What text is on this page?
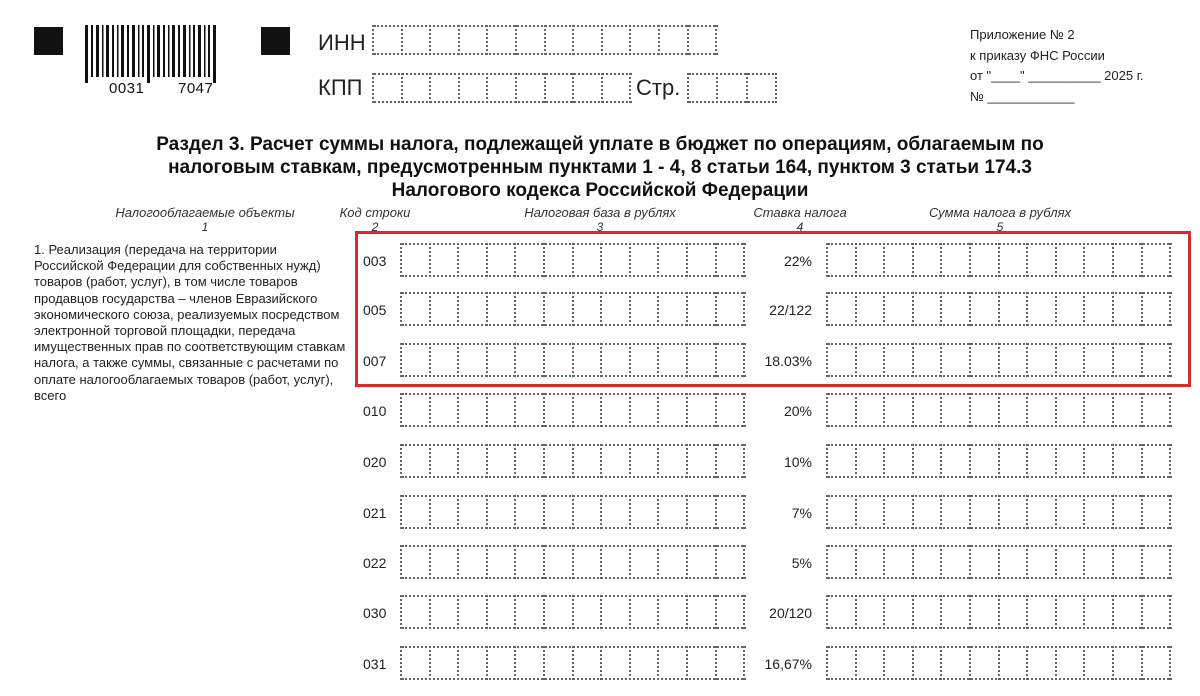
0031 7047
ИНН
КПП	Стр.
Приложение № 2
к приказу ФНС России
от "____" __________ 2025 г.
№ ____________
Раздел 3. Расчет суммы налога, подлежащей уплате в бюджет по операциям, облагаемым по
налоговым ставкам, предусмотренным пунктами 1 - 4, 8 статьи 164, пунктом 3 статьи 174.3
Налогового кодекса Российской Федерации
Налогооблагаемые объекты
1
Код строки
2
Налоговая база в рублях
3
Ставка налога
4
Сумма налога в рублях
5
1. Реализация (передача на территории Российской Федерации для собственных нужд) товаров (работ, услуг), в том числе товаров продавцов государства – членов Евразийского экономического союза, реализуемых посредством электронной торговой площадки, передача имущественных прав по соответствующим ставкам налога, а также суммы, связанные с расчетами по оплате налогооблагаемых товаров (работ, услуг), всего
003	22%
005	22/122
007	18.03%
010	20%
020	10%
021	7%
022	5%
030	20/120
031	16,67%
